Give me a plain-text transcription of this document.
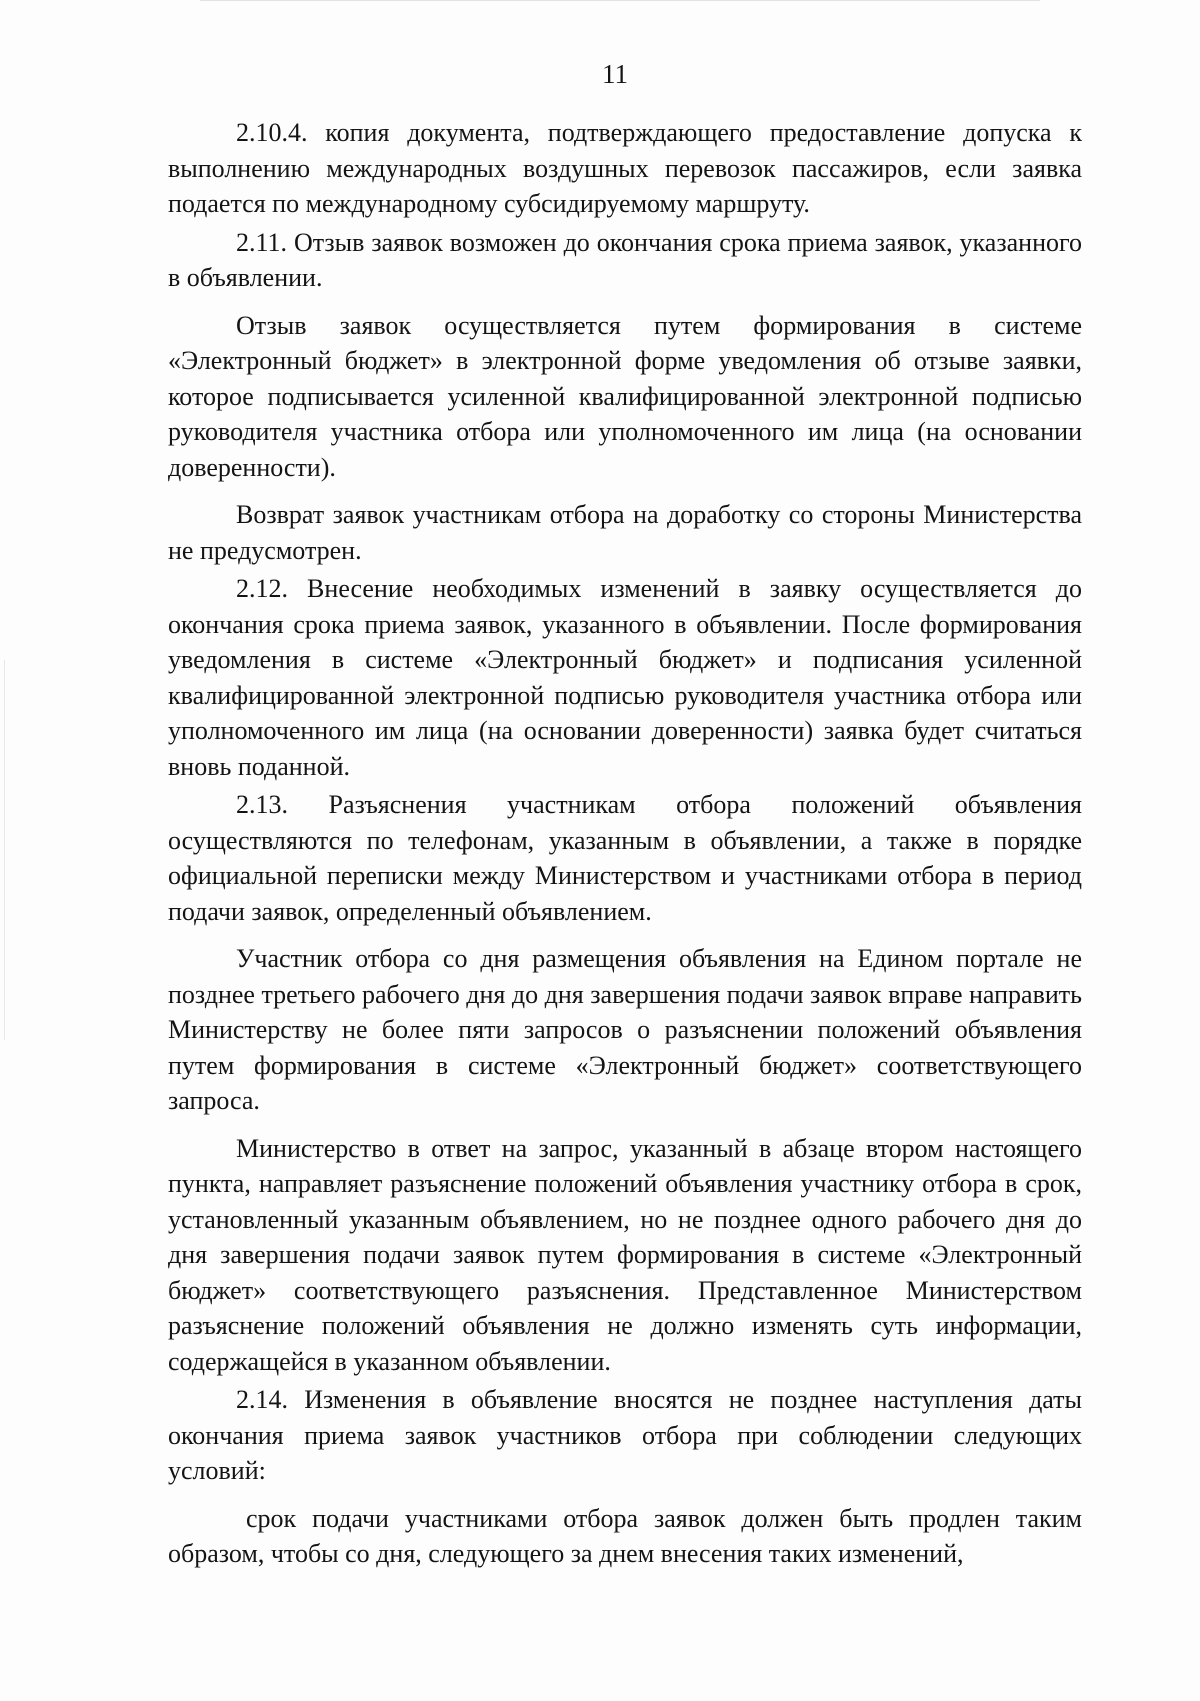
11

2.10.4. копия документа, подтверждающего предоставление допуска к выполнению международных воздушных перевозок пассажиров, если заявка подается по международному субсидируемому маршруту.

2.11. Отзыв заявок возможен до окончания срока приема заявок, указанного в объявлении.

Отзыв заявок осуществляется путем формирования в системе «Электронный бюджет» в электронной форме уведомления об отзыве заявки, которое подписывается усиленной квалифицированной электронной подписью руководителя участника отбора или уполномоченного им лица (на основании доверенности).

Возврат заявок участникам отбора на доработку со стороны Министерства не предусмотрен.

2.12. Внесение необходимых изменений в заявку осуществляется до окончания срока приема заявок, указанного в объявлении. После формирования уведомления в системе «Электронный бюджет» и подписания усиленной квалифицированной электронной подписью руководителя участника отбора или уполномоченного им лица (на основании доверенности) заявка будет считаться вновь поданной.

2.13. Разъяснения участникам отбора положений объявления осуществляются по телефонам, указанным в объявлении, а также в порядке официальной переписки между Министерством и участниками отбора в период подачи заявок, определенный объявлением.

Участник отбора со дня размещения объявления на Едином портале не позднее третьего рабочего дня до дня завершения подачи заявок вправе направить Министерству не более пяти запросов о разъяснении положений объявления путем формирования в системе «Электронный бюджет» соответствующего запроса.

Министерство в ответ на запрос, указанный в абзаце втором настоящего пункта, направляет разъяснение положений объявления участнику отбора в срок, установленный указанным объявлением, но не позднее одного рабочего дня до дня завершения подачи заявок путем формирования в системе «Электронный бюджет» соответствующего разъяснения. Представленное Министерством разъяснение положений объявления не должно изменять суть информации, содержащейся в указанном объявлении.

2.14. Изменения в объявление вносятся не позднее наступления даты окончания приема заявок участников отбора при соблюдении следующих условий:

срок подачи участниками отбора заявок должен быть продлен таким образом, чтобы со дня, следующего за днем внесения таких изменений,
